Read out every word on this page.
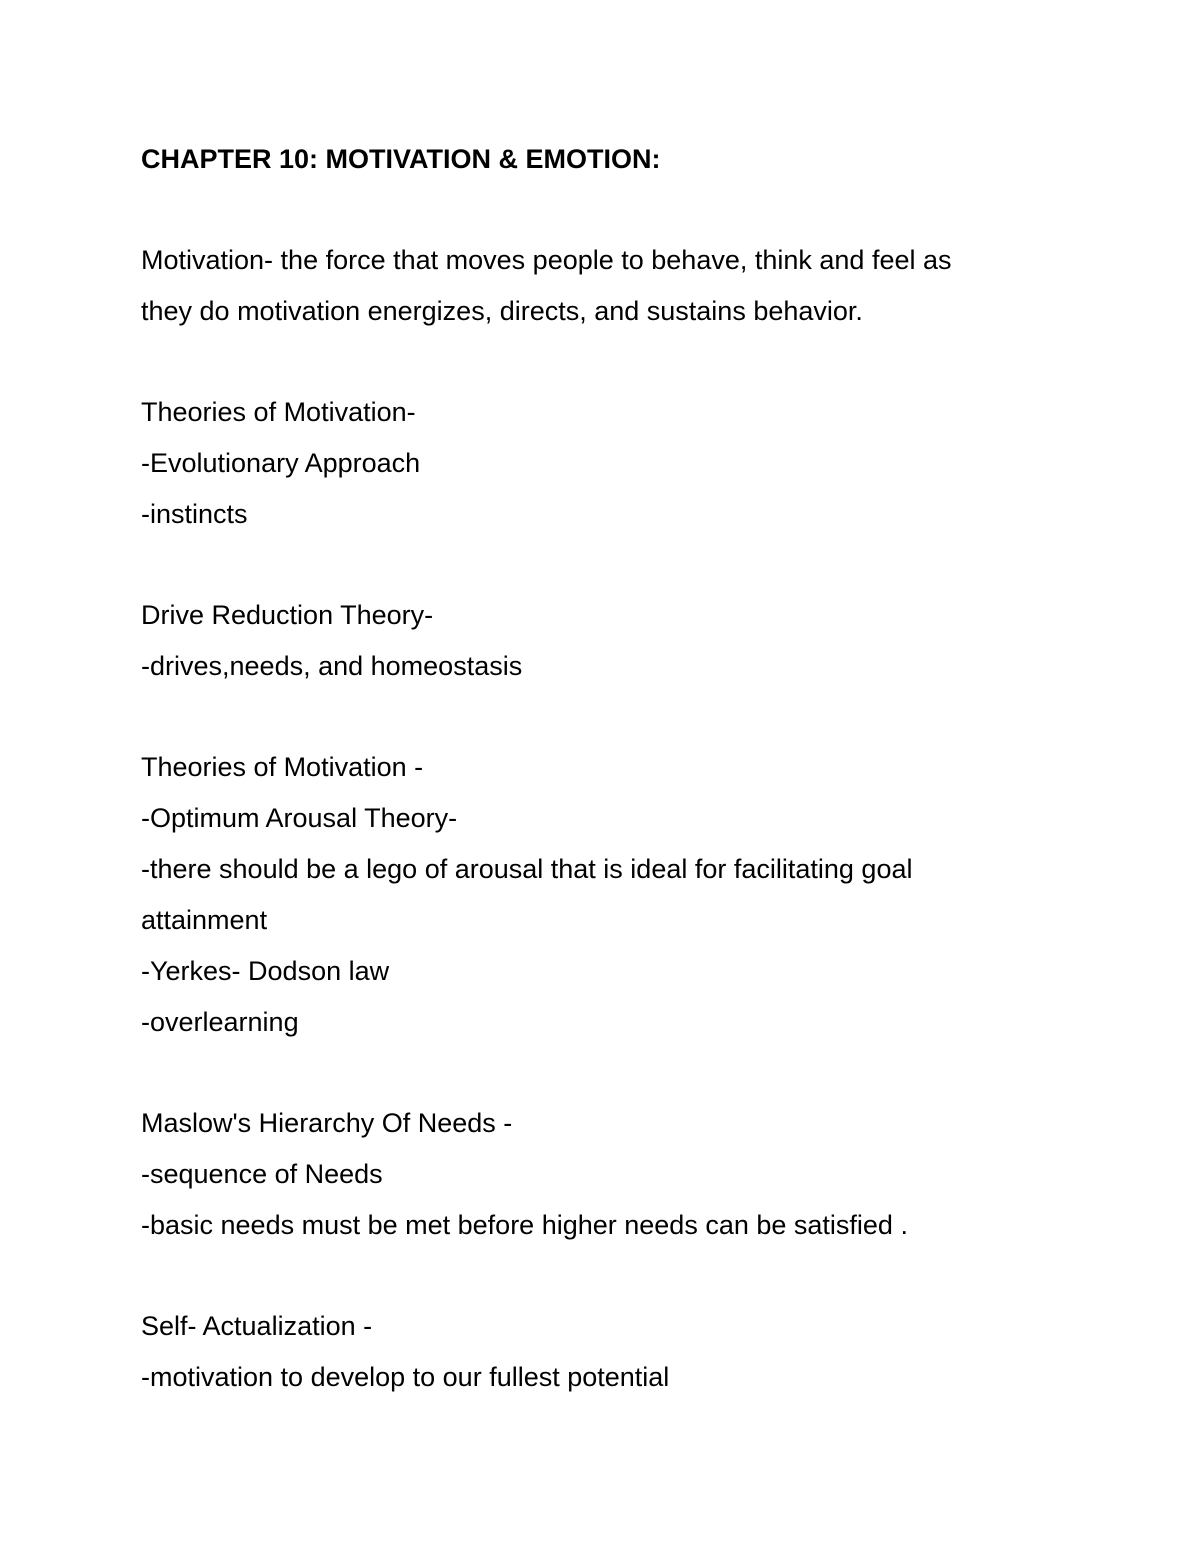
CHAPTER 10: MOTIVATION & EMOTION:

Motivation- the force that moves people to behave, think and feel as

they do motivation energizes, directs, and sustains behavior.

Theories of Motivation-

-Evolutionary Approach

-instincts

Drive Reduction Theory-

-drives,needs, and homeostasis

Theories of Motivation -

-Optimum Arousal Theory-

-there should be a lego of arousal that is ideal for facilitating goal

attainment

-Yerkes- Dodson law

-overlearning

Maslow's Hierarchy Of Needs -

-sequence of Needs

-basic needs must be met before higher needs can be satisfied .

Self- Actualization -

-motivation to develop to our fullest potential
